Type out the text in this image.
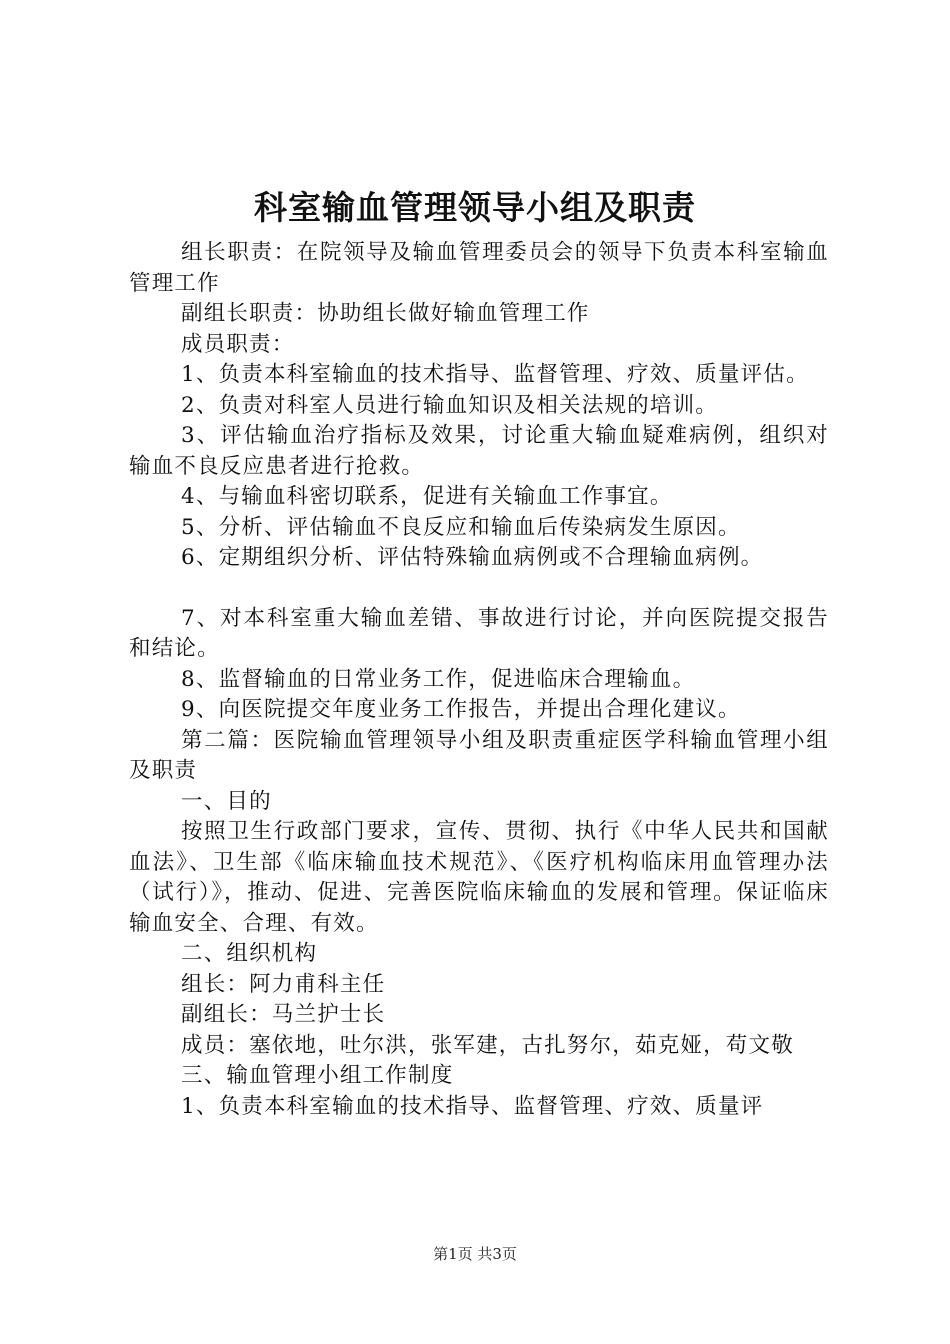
科室输血管理领导小组及职责

组长职责：在院领导及输血管理委员会的领导下负责本科室输血管理工作

副组长职责：协助组长做好输血管理工作

成员职责：

1、负责本科室输血的技术指导、监督管理、疗效、质量评估。

2、负责对科室人员进行输血知识及相关法规的培训。

3、评估输血治疗指标及效果，讨论重大输血疑难病例，组织对输血不良反应患者进行抢救。

4、与输血科密切联系，促进有关输血工作事宜。

5、分析、评估输血不良反应和输血后传染病发生原因。

6、定期组织分析、评估特殊输血病例或不合理输血病例。

7、对本科室重大输血差错、事故进行讨论，并向医院提交报告和结论。

8、监督输血的日常业务工作，促进临床合理输血。

9、向医院提交年度业务工作报告，并提出合理化建议。

第二篇：医院输血管理领导小组及职责重症医学科输血管理小组及职责

一、目的

按照卫生行政部门要求，宣传、贯彻、执行《中华人民共和国献血法》、卫生部《临床输血技术规范》、《医疗机构临床用血管理办法（试行）》，推动、促进、完善医院临床输血的发展和管理。保证临床输血安全、合理、有效。

二、组织机构

组长：阿力甫科主任

副组长：马兰护士长

成员：塞依地，吐尔洪，张军建，古扎努尔，茹克娅，苟文敬

三、输血管理小组工作制度

1、负责本科室输血的技术指导、监督管理、疗效、质量评

第1页 共3页
